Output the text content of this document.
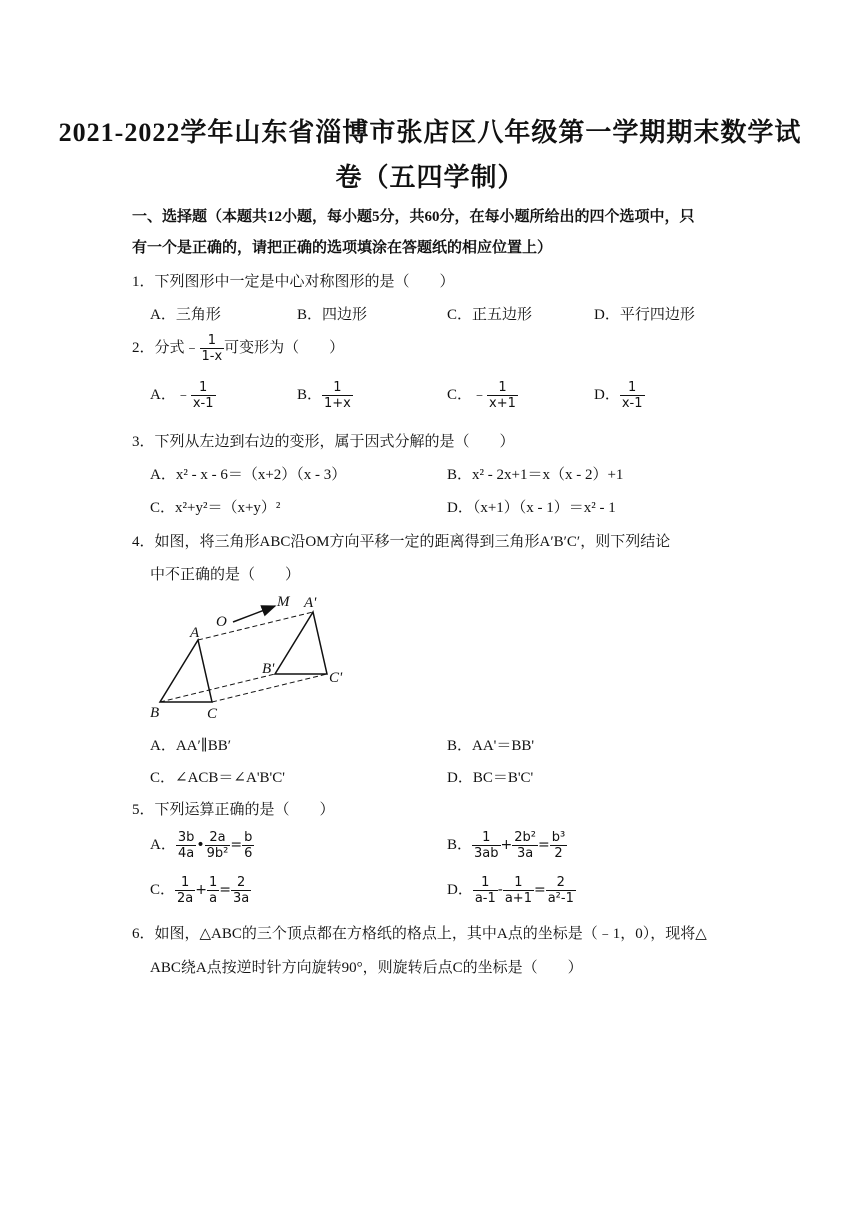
2021-2022学年山东省淄博市张店区八年级第一学期期末数学试
卷（五四学制）
一、选择题（本题共12小题，每小题5分，共60分，在每小题所给出的四个选项中，只
有一个是正确的，请把正确的选项填涂在答题纸的相应位置上）
1．下列图形中一定是中心对称图形的是（　　）
A．三角形	B．四边形	C．正五边形	D．平行四边形
2．分式﹣ $\frac{1}{1-x}$ 可变形为（　　）
A．﹣ $\frac{1}{x-1}$	B． $\frac{1}{1+x}$	C．﹣ $\frac{1}{x+1}$	D． $\frac{1}{x-1}$
3．下列从左边到右边的变形，属于因式分解的是（　　）
A．x² - x - 6＝（x+2）（x - 3）	B．x² - 2x+1＝x（x - 2）+1
C．x²+y²＝（x+y）²	D．（x+1）（x - 1）＝x² - 1
4．如图，将三角形ABC沿OM方向平移一定的距离得到三角形A′B′C′，则下列结论
中不正确的是（　　）
O
M
A
B	C
A'
B'
C'
A．AA′∥BB′	B．AA'＝BB'
C．∠ACB＝∠A'B'C'	D．BC＝B'C'
5．下列运算正确的是（　　）
A． $\frac{3b}{4a}$ • $\frac{2a}{\text{9b²}} = \frac{b}{6}$	B． $\frac{1}{3ab} + \frac{\text{2b²}}{3a} = \frac{\text{b³}}{2}$
C． $\frac{1}{2a} + \frac{1}{a} = \frac{2}{3a}$	D． $\frac{1}{a-1} - \frac{1}{a+1} = \frac{2}{\text{a²-1}}$
6．如图，△ABC的三个顶点都在方格纸的格点上，其中A点的坐标是（﹣1，0），现将△
ABC绕A点按逆时针方向旋转90°，则旋转后点C的坐标是（　　）
